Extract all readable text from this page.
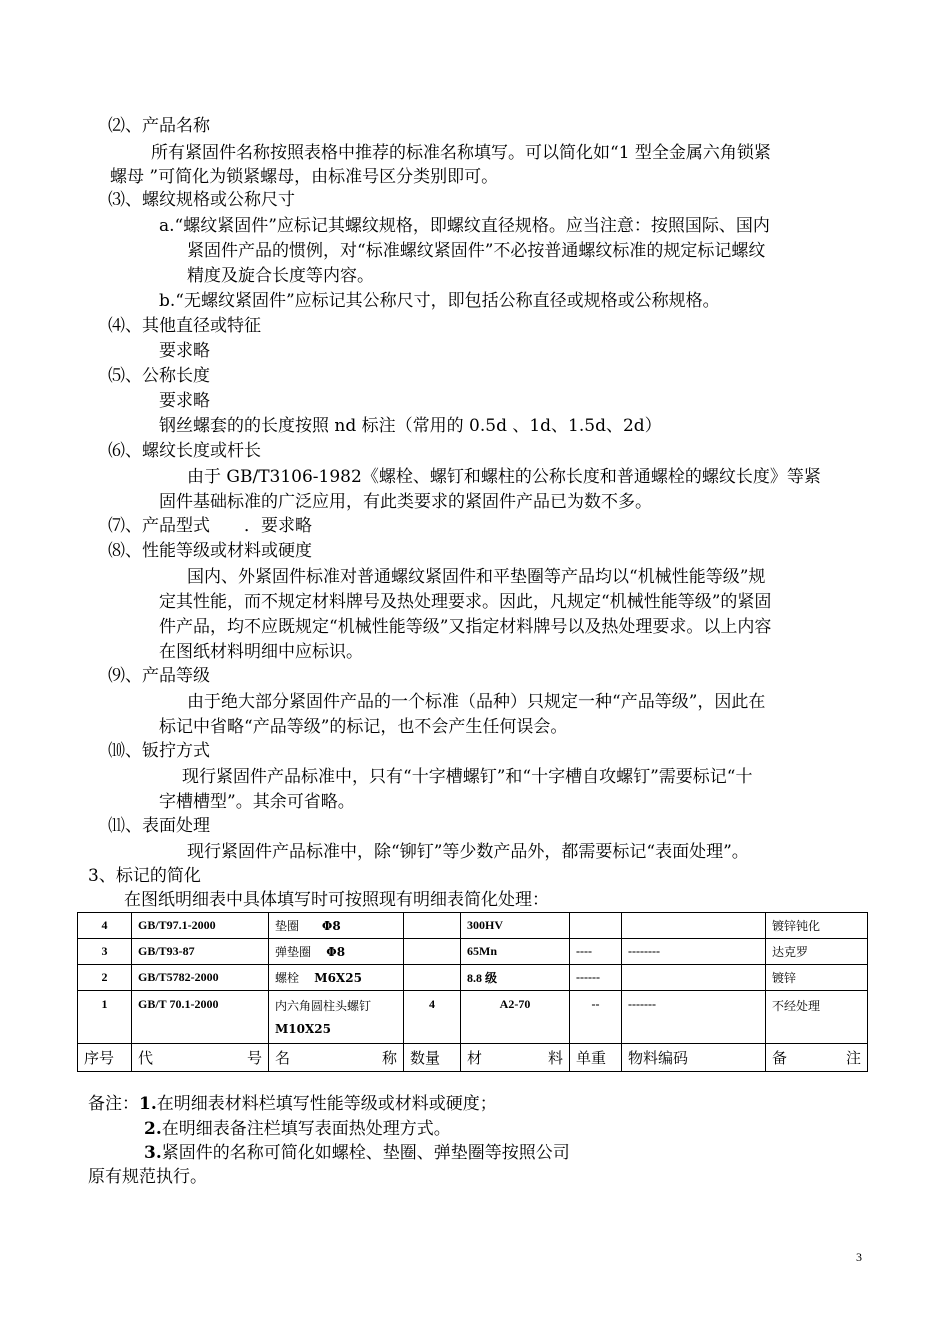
⑵、产品名称
所有紧固件名称按照表格中推荐的标准名称填写。可以简化如“1 型全金属六角锁紧
螺母 ”可简化为锁紧螺母，由标准号区分类别即可。
⑶、螺纹规格或公称尺寸
a.“螺纹紧固件”应标记其螺纹规格，即螺纹直径规格。应当注意：按照国际、国内
紧固件产品的惯例，对“标准螺纹紧固件”不必按普通螺纹标准的规定标记螺纹
精度及旋合长度等内容。
b.“无螺纹紧固件”应标记其公称尺寸，即包括公称直径或规格或公称规格。
⑷、其他直径或特征
要求略
⑸、公称长度
要求略
钢丝螺套的的长度按照 nd 标注（常用的 0.5d 、1d、1.5d、2d）
⑹、螺纹长度或杆长
由于 GB/T3106-1982《螺栓、螺钉和螺柱的公称长度和普通螺栓的螺纹长度》等紧
固件基础标准的广泛应用，有此类要求的紧固件产品已为数不多。
⑺、产品型式　　．要求略
⑻、性能等级或材料或硬度
国内、外紧固件标准对普通螺纹紧固件和平垫圈等产品均以“机械性能等级”规
定其性能，而不规定材料牌号及热处理要求。因此，凡规定“机械性能等级”的紧固
件产品，均不应既规定“机械性能等级”又指定材料牌号以及热处理要求。以上内容
在图纸材料明细中应标识。
⑼、产品等级
由于绝大部分紧固件产品的一个标准（品种）只规定一种“产品等级”，因此在
标记中省略“产品等级”的标记，也不会产生任何误会。
⑽、钣拧方式
现行紧固件产品标准中，只有“十字槽螺钉”和“十字槽自攻螺钉”需要标记“十
字槽槽型”。其余可省略。
⑾、表面处理
现行紧固件产品标准中，除“铆钉”等少数产品外，都需要标记“表面处理”。
3、标记的简化
在图纸明细表中具体填写时可按照现有明细表简化处理：
4	GB/T97.1-2000	垫圈 Φ8		300HV			镀锌钝化
3	GB/T93-87	弹垫圈 Φ8		65Mn	----	--------	达克罗
2	GB/T5782-2000	螺栓 M6X25		8.8 级	------		镀锌
1	GB/T 70.1-2000	内六角圆柱头螺钉
M10X25	4	A2-70	--	-------	不经处理
序号	代 号	名 称	数量	材 料	单重	物料编码	备 注
备注：1.在明细表材料栏填写性能等级或材料或硬度；
2.在明细表备注栏填写表面热处理方式。
3.紧固件的名称可简化如螺栓、垫圈、弹垫圈等按照公司
原有规范执行。
3
